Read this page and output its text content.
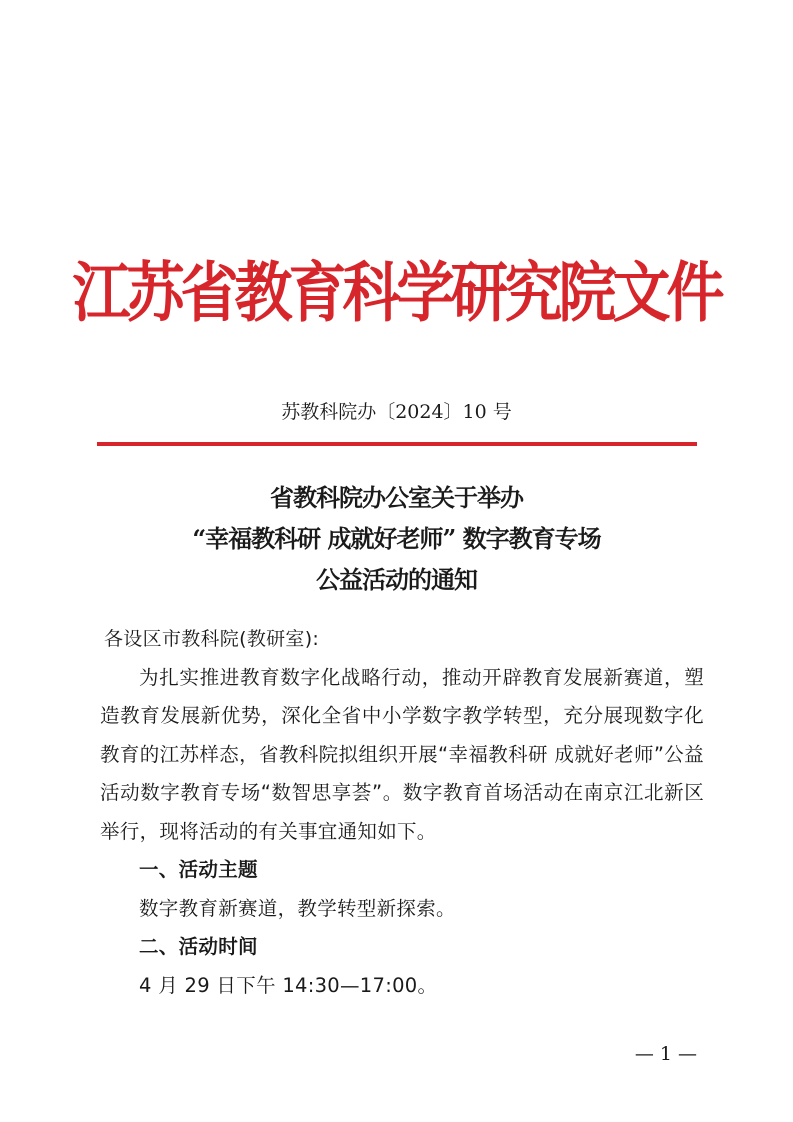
江苏省教育科学研究院文件
苏教科院办〔2024〕10 号
省教科院办公室关于举办
“幸福教科研 成就好老师” 数字教育专场
公益活动的通知

各设区市教科院(教研室):

为扎实推进教育数字化战略行动，推动开辟教育发展新赛道，塑造教育发展新优势，深化全省中小学数字教学转型，充分展现数字化教育的江苏样态，省教科院拟组织开展“幸福教科研 成就好老师”公益活动数字教育专场“数智思享荟”。数字教育首场活动在南京江北新区举行，现将活动的有关事宜通知如下。

一、活动主题

数字教育新赛道，教学转型新探索。

二、活动时间

4 月 29 日下午 14:30—17:00。

— 1 —
